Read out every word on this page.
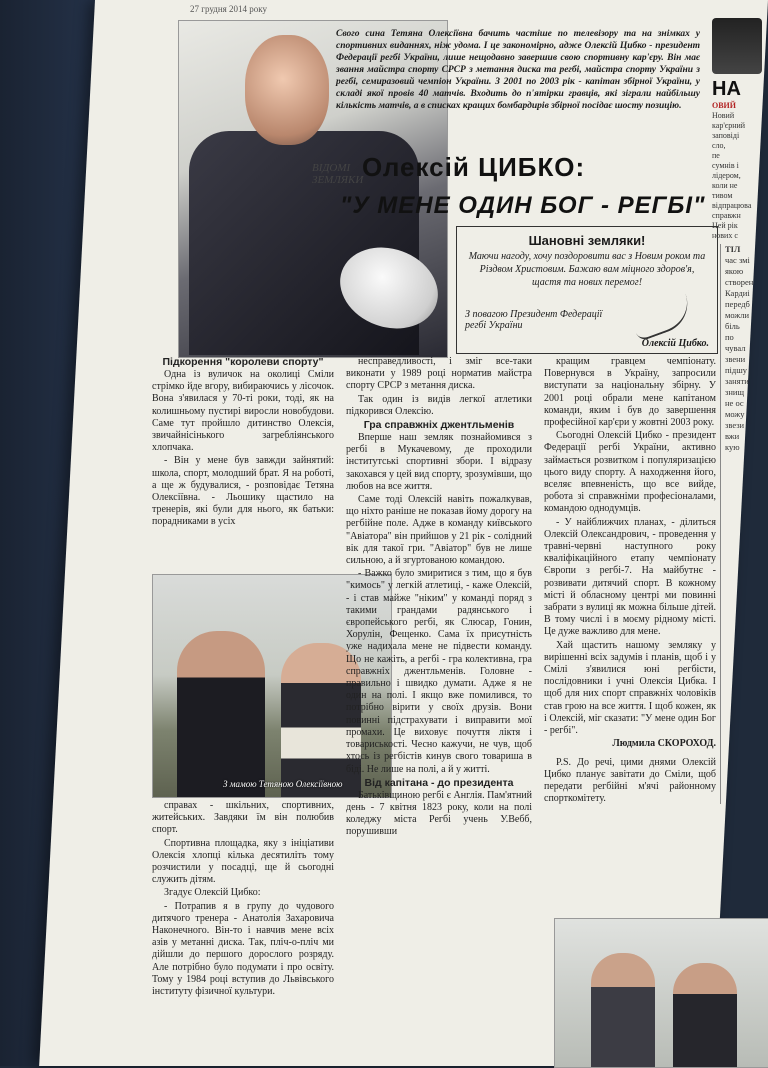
27 грудня 2014 року
НА
ОВИЙ
Новий
кар'єрний
заповіді
сло,
пе
сумнів і
лідером,
коли не
тивом
відпрацюва
справжн
Цей рік
нових с
Свого сина Тетяна Олексіївна бачить частіше по телевізору та на знімках у спортивних виданнях, ніж удома. І це закономірно, адже Олексій Цибко - президент Федерації регбі України, лише нещодавно завершив свою спортивну кар'єру. Він має звання майстра спорту СРСР з метання диска та регбі, майстра спорту України з регбі, семиразовий чемпіон України. З 2001 по 2003 рік - капітан збірної України, у складі якої провів 40 матчів. Входить до п'ятірки гравців, які зіграли найбільшу кількість матчів, а в списках кращих бомбардирів збірної посідає шосту позицію.
ВІДОМІ
ЗЕМЛЯКИ
Олексій ЦИБКО:
"У МЕНЕ ОДИН БОГ - РЕГБІ"
Шановні земляки!
Маючи нагоду, хочу поздоровити вас з Новим роком та Різдвом Христовим. Бажаю вам міцного здоров'я, щастя та нових перемог!
З повагою Президент Федерації регбі України
Олексій Цибко.

Підкорення "королеви спорту"

Одна із вуличок на околиці Сміли стрімко йде вгору, вибираючись у лісочок. Вона з'явилася у 70-ті роки, тоді, як на колишньому пустирі виросли новобудови. Саме тут пройшло дитинство Олексія, звичайнісінького загребліянського хлопчака.

- Він у мене був завжди зайнятий: школа, спорт, молодший брат. Я на роботі, а ще ж будувалися, - розповідає Тетяна Олексіївна. - Льошику щастило на тренерів, які були для нього, як батьки: порадниками в усіх

З мамою Тетяною Олексіївною

справах - шкільних, спортивних, житейських. Завдяки їм він полюбив спорт.

Спортивна площадка, яку з ініціативи Олексія хлопці кілька десятиліть тому розчистили у посадці, ще й сьогодні служить дітям.

Згадує Олексій Цибко:

- Потрапив я в групу до чудового дитячого тренера - Анатолія Захаровича Наконечного. Він-то і навчив мене всіх азів у метанні диска. Так, пліч-о-пліч ми дійшли до першого дорослого розряду. Але потрібно було подумати і про освіту. Тому у 1984 році вступив до Львівського інституту фізичної культури.

несправедливості, і зміг все-таки виконати у 1989 році норматив майстра спорту СРСР з метання диска.

Так один із видів легкої атлетики підкорився Олексію.

Гра справжніх джентльменів

Вперше наш земляк познайомився з регбі в Мукачевому, де проходили інститутські спортивні збори. І відразу закохався у цей вид спорту, зрозумівши, що любов на все життя.

Саме тоді Олексій навіть пожалкував, що ніхто раніше не показав йому дорогу на регбійне поле. Адже в команду київського "Авіатора" він прийшов у 21 рік - солідний вік для такої гри. "Авіатор" був не лише сильною, а й згуртованою командою.

- Важко було змиритися з тим, що я був "кимось" у легкій атлетиці, - каже Олексій, - і став майже "ніким" у команді поряд з такими грандами радянського і європейського регбі, як Слюсар, Гонин, Хорулін, Фещенко. Сама їх присутність уже надихала мене не підвести команду. Що не кажіть, а регбі - гра колективна, гра справжніх джентльменів. Головне - правильно і швидко думати. Адже я не один на полі. І якщо вже помилився, то потрібно вірити у своїх друзів. Вони повинні підстрахувати і виправити мої промахи. Це виховує почуття ліктя і товариськості. Чесно кажучи, не чув, щоб хтось із регбістів кинув свого товариша в біді. Не лише на полі, а й у житті.

Від капітана - до президента

Батьківщиною регбі є Англія. Пам'ятний день - 7 квітня 1823 року, коли на полі коледжу міста Регбі учень У.Вебб, порушивши

кращим гравцем чемпіонату. Повернувся в Україну, запросили виступати за національну збірну. У 2001 році обрали мене капітаном команди, яким і був до завершення професійної кар'єри у жовтні 2003 року.

Сьогодні Олексій Цибко - президент Федерації регбі України, активно займається розвитком і популяризацією цього виду спорту. А находження його, вселяє впевненість, що все вийде, робота зі справжніми професіоналами, командою однодумців.

- У найближчих планах, - ділиться Олексій Олександрович, - проведення у травні-червні наступного року кваліфікаційного етапу чемпіонату Європи з регбі-7. На майбутнє - розвивати дитячий спорт. В кожному місті й обласному центрі ми повинні забрати з вулиці як можна більше дітей. В тому числі і в моєму рідному місті. Це дуже важливо для мене.

Хай щастить нашому земляку у вирішенні всіх задумів і планів, щоб і у Смілі з'явилися юні регбісти, послідовники і учні Олексія Цибка. І щоб для них спорт справжніх чоловіків став грою на все життя. І щоб кожен, як і Олексій, міг сказати: "У мене один Бог - регбі".

Людмила СКОРОХОД.

P.S. До речі, цими днями Олексій Цибко планує завітати до Сміли, щоб передати регбійні м'ячі районному спорткомітету.

ТІЛ
час змі
якою
створен
Кардиі
передб
можли
біль
по
чувал
звени
підшу
заняти
знищ
не ос
можу
звези
вжи
кую
